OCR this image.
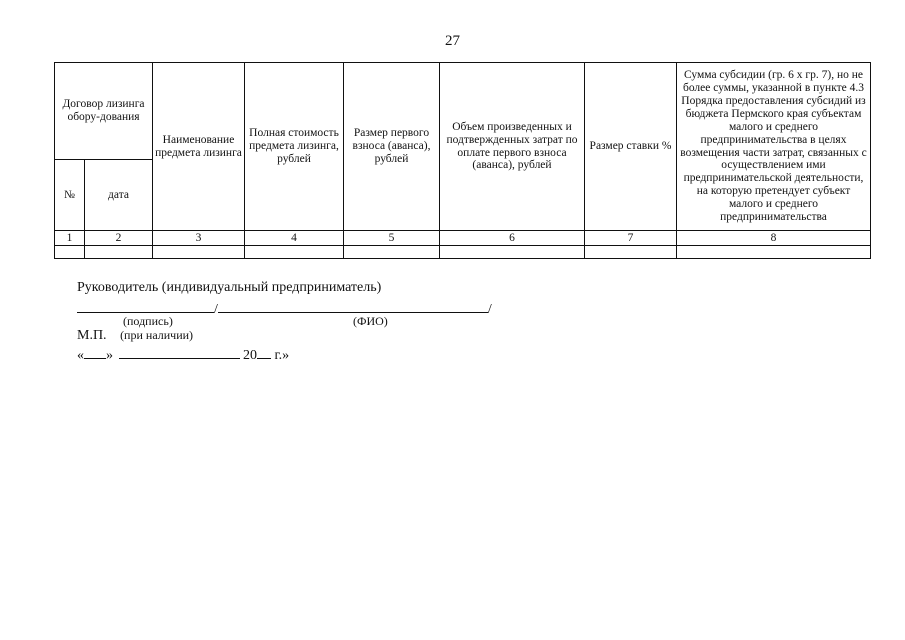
27
Договор лизинга обору-дования		Наименование предмета лизинга	Полная стоимость предмета лизинга, рублей	Размер первого взноса (аванса), рублей	Объем произведенных и подтвержденных затрат по оплате первого взноса (аванса), рублей	Размер ставки %	Сумма субсидии (гр. 6 х гр. 7), но не более суммы, указанной в пункте 4.3 Порядка предоставления субсидий из бюджета Пермского края субъектам малого и среднего предпринимательства в целях возмещения части затрат, связанных с осуществлением ими предпринимательской деятельности, на которую претендует субъект малого и среднего предпринимательства
№	дата						
1	2	3	4	5	6	7	8

Руководитель (индивидуальный предприниматель)
/	/
(подпись)	(ФИО)
М.П. (при наличии)
« »	20 г.»
